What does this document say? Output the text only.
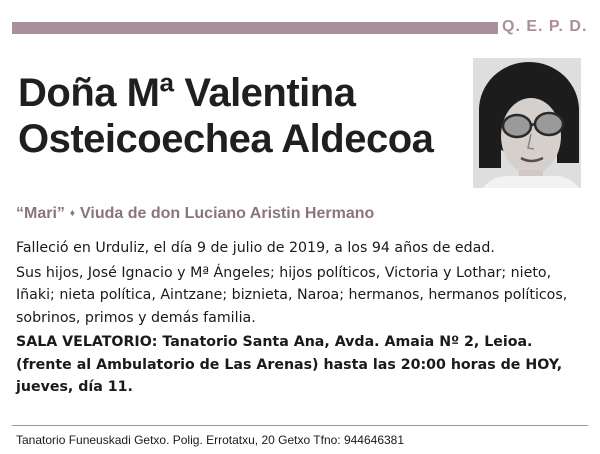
Q. E. P. D.
Doña Mª Valentina
Osteicoechea Aldecoa
“Mari” ♦ Viuda de don Luciano Aristin Hermano

Falleció en Urduliz, el día 9 de julio de 2019, a los 94 años de edad.

Sus hijos, José Ignacio y Mª Ángeles; hijos políticos, Victoria y Lothar; nieto, Iñaki; nieta política, Aintzane; biznieta, Naroa; hermanos, hermanos políticos, sobrinos, primos y demás familia.

SALA VELATORIO: Tanatorio Santa Ana, Avda. Amaia Nº 2, Leioa. (frente al Ambulatorio de Las Arenas) hasta las 20:00 horas de HOY, jueves, día 11.

Tanatorio Funeuskadi Getxo. Polig. Errotatxu, 20 Getxo Tfno: 944646381
